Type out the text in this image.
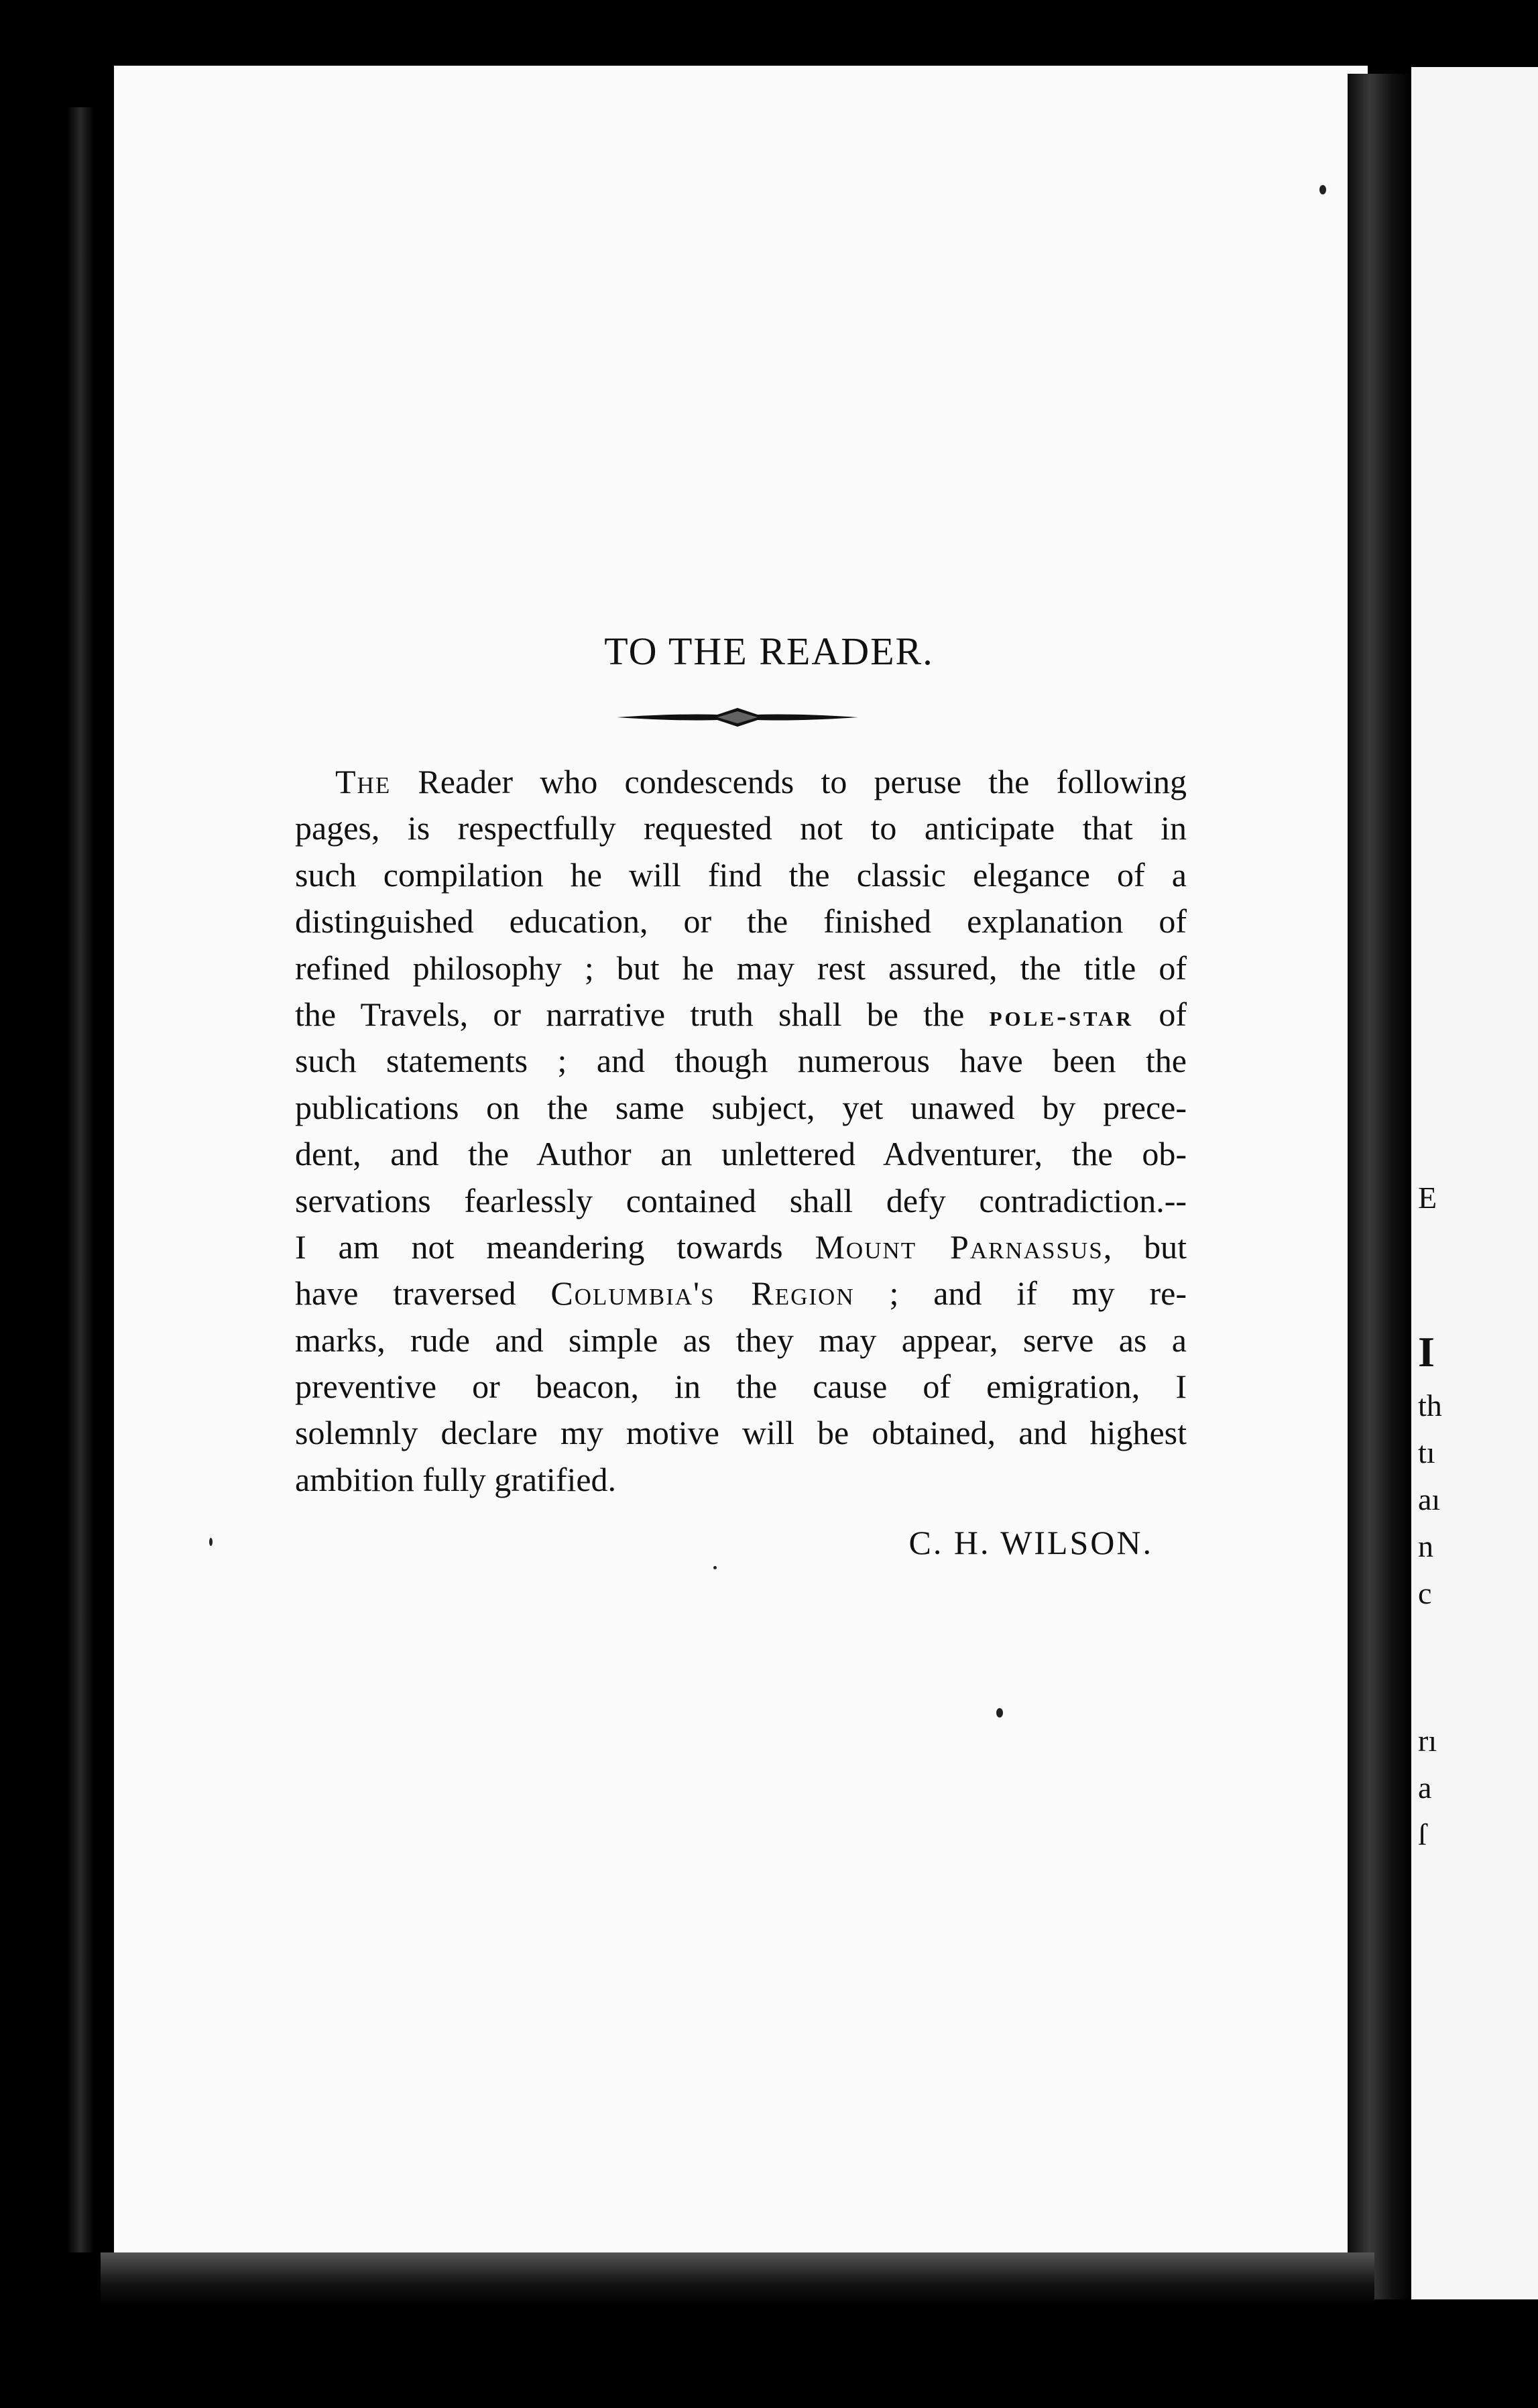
E
I
th
tı
aı
n
c
rı
a
ſ
TO THE READER.
The Reader who condescends to peruse the following
pages, is respectfully requested not to anticipate that in
such compilation he will find the classic elegance of a
distinguished education, or the finished explanation of
refined philosophy ; but he may rest assured, the title of
the Travels, or narrative truth shall be the pole-star of
such statements ; and though numerous have been the
publications on the same subject, yet unawed by prece-
dent, and the Author an unlettered Adventurer, the ob-
servations fearlessly contained shall defy contradiction.--
I am not meandering towards Mount Parnassus, but
have traversed Columbia's Region ; and if my re-
marks, rude and simple as they may appear, serve as a
preventive or beacon, in the cause of emigration, I
solemnly declare my motive will be obtained, and highest
ambition fully gratified.
C. H. WILSON.
